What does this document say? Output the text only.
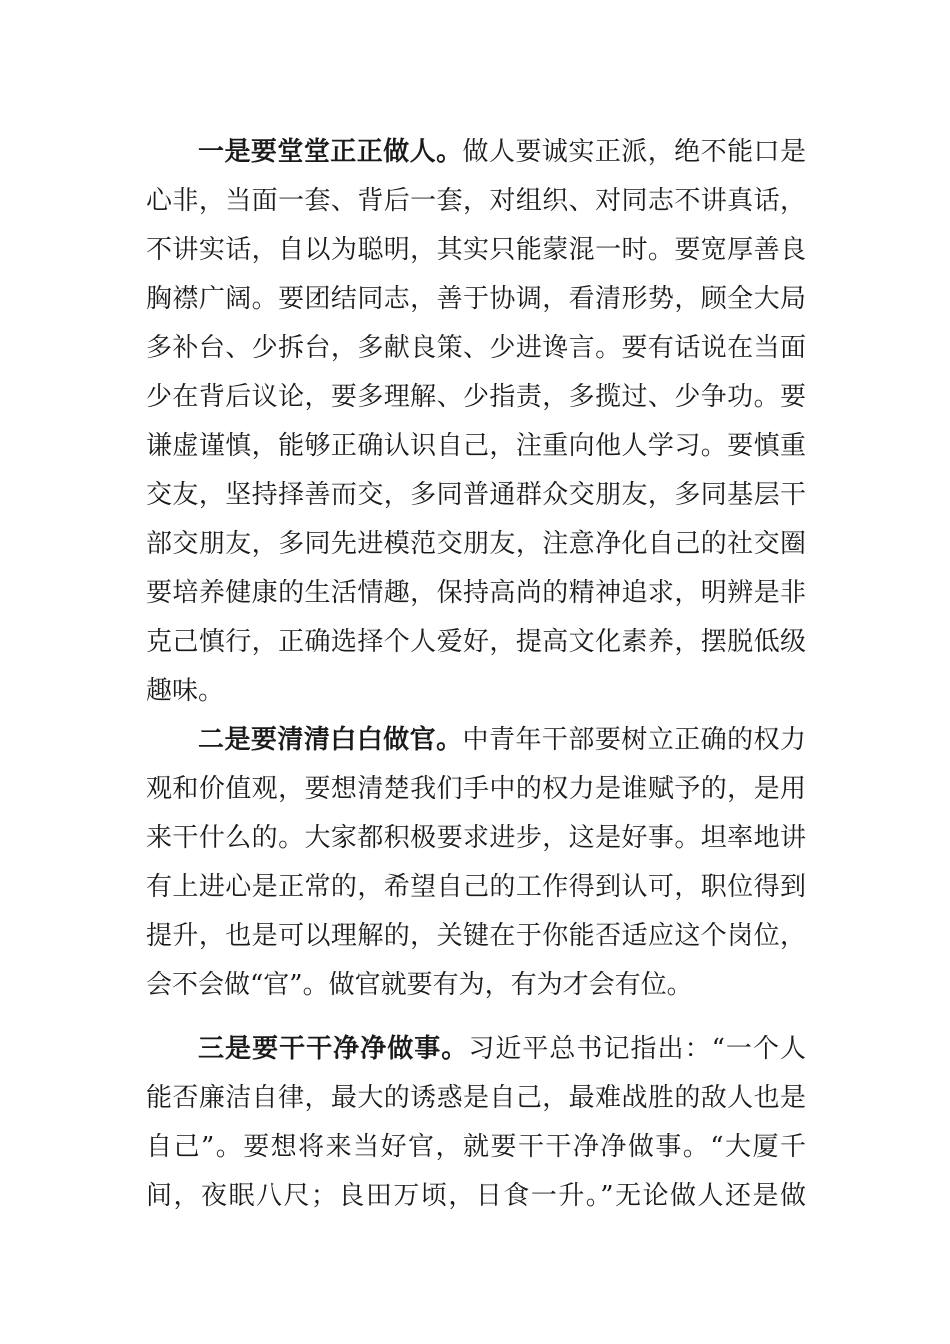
一是要堂堂正正做人。做人要诚实正派，绝不能口是
心非，当面一套、背后一套，对组织、对同志不讲真话，
不讲实话，自以为聪明，其实只能蒙混一时。要宽厚善良
胸襟广阔。要团结同志，善于协调，看清形势，顾全大局
多补台、少拆台，多献良策、少进谗言。要有话说在当面
少在背后议论，要多理解、少指责，多揽过、少争功。要
谦虚谨慎，能够正确认识自己，注重向他人学习。要慎重
交友，坚持择善而交，多同普通群众交朋友，多同基层干
部交朋友，多同先进模范交朋友，注意净化自己的社交圈
要培养健康的生活情趣，保持高尚的精神追求，明辨是非
克己慎行，正确选择个人爱好，提高文化素养，摆脱低级
趣味。
二是要清清白白做官。中青年干部要树立正确的权力
观和价值观，要想清楚我们手中的权力是谁赋予的，是用
来干什么的。大家都积极要求进步，这是好事。坦率地讲
有上进心是正常的，希望自己的工作得到认可，职位得到
提升，也是可以理解的，关键在于你能否适应这个岗位，
会不会做“官”。做官就要有为，有为才会有位。
三是要干干净净做事。习近平总书记指出：“一个人
能否廉洁自律，最大的诱惑是自己，最难战胜的敌人也是
自己”。要想将来当好官，就要干干净净做事。“大厦千
间，夜眠八尺；良田万顷，日食一升。”无论做人还是做
